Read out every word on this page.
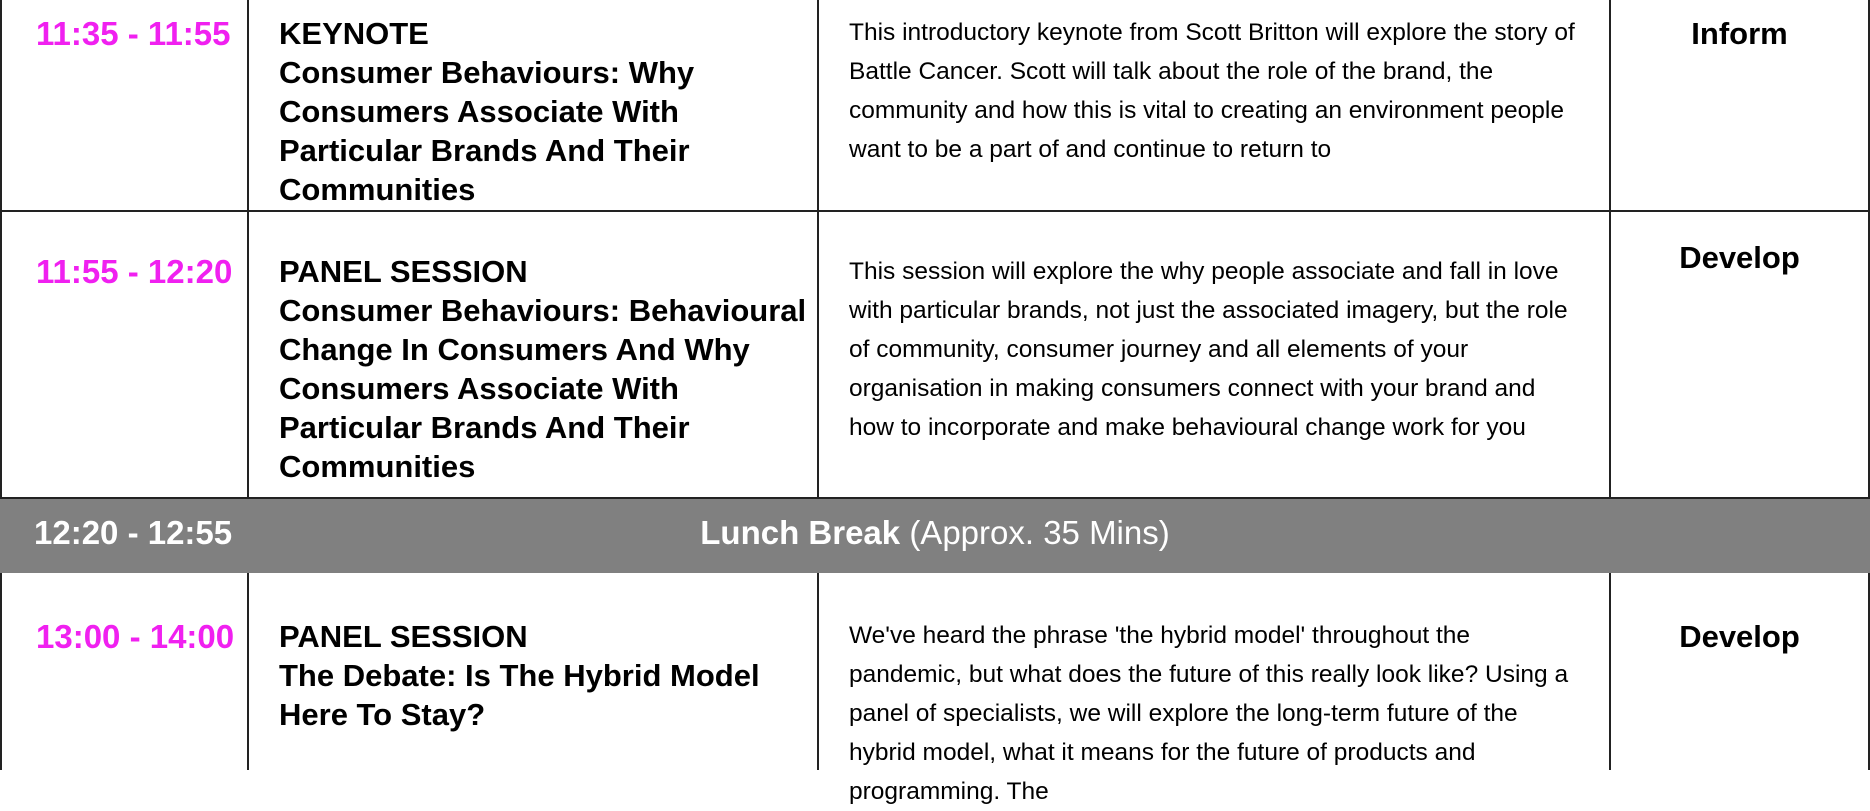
11:35 - 11:55 KEYNOTE
Consumer Behaviours: Why Consumers Associate With Particular Brands And Their Communities
This introductory keynote from Scott Britton will explore the story of Battle Cancer. Scott will talk about the role of the brand, the community and how this is vital to creating an environment people want to be a part of and continue to return to
Inform
11:55 - 12:20 PANEL SESSION
Consumer Behaviours: Behavioural Change In Consumers And Why Consumers Associate With Particular Brands And Their Communities
This session will explore the why people associate and fall in love with particular brands, not just the associated imagery, but the role of community, consumer journey and all elements of your organisation in making consumers connect with your brand and how to incorporate and make behavioural change work for you
Develop
12:20 - 12:55	Lunch Break (Approx. 35 Mins)
13:00 - 14:00 PANEL SESSION
The Debate: Is The Hybrid Model Here To Stay?
We've heard the phrase 'the hybrid model' throughout the pandemic, but what does the future of this really look like? Using a panel of specialists, we will explore the long-term future of the hybrid model, what it means for the future of products and programming. The
Develop
